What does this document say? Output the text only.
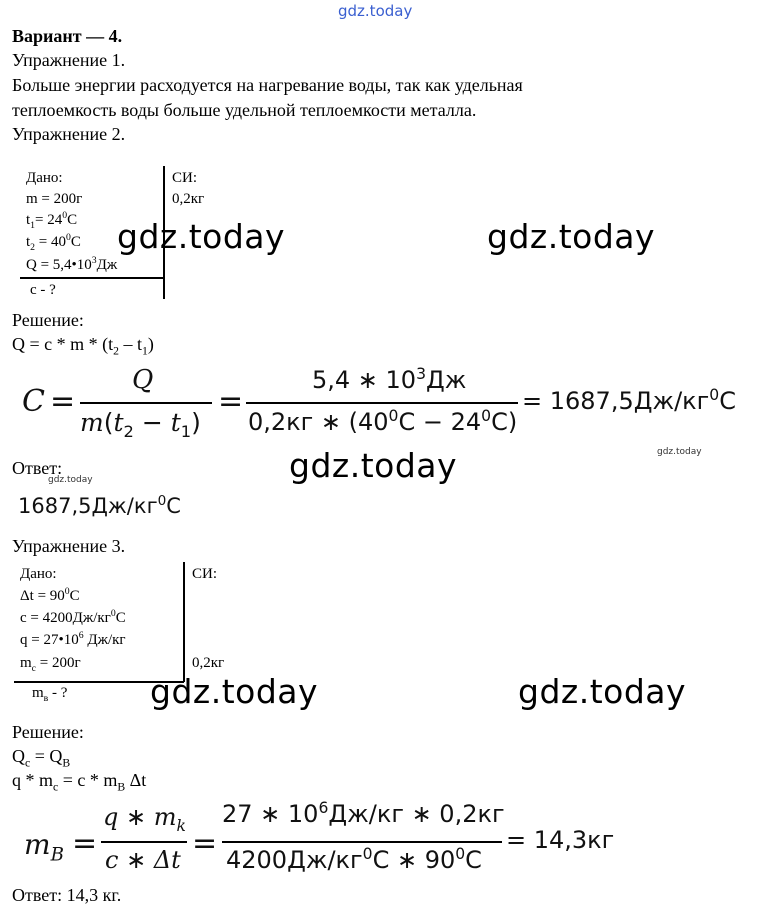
gdz.today
Вариант — 4.
Упражнение 1.
Больше энергии расходуется на нагревание воды, так как удельная
теплоемкость воды больше удельной теплоемкости металла.
Упражнение 2.
Дано:
m = 200г
$t_1= 24^0C$
$t_2 = 40^0C$
$Q = 5,4•10^3Дж$
с - ?
СИ:
0,2кг
gdz.today	gdz.today
Решение:
$Q = c * m * (t_2 - t_1)$
C =
Q
$m(t_2 - t_1)$
=
5,4 ∗ $10^3Дж$
0,2кг ∗ $(40^0C - 24^0C)$
= $1687,5Дж/кг^0C$
gdz.today
Ответ:
gdz.today	gdz.today
$1687,5Дж/кг^0C$
Упражнение 3.
Дано:
$\Delta t = 90^0C$
$c = 4200Дж/кг^0C$
$q = 27•10^6$ Дж/кг
$m_c = 200г$
$m_в$ - ?
СИ:
0,2кг
gdz.today	gdz.today
Решение:
$Q_c = Q_B$
$q * m_c = c * m_B$ Δt
$m_B$ =
q ∗ $m_k$
c ∗ Δt =
27 ∗ $10^6Дж/кг$ ∗ 0,2кг
$4200Дж/кг^0C$ ∗ $90^0C$
= 14,3кг
Ответ: 14,3 кг.
